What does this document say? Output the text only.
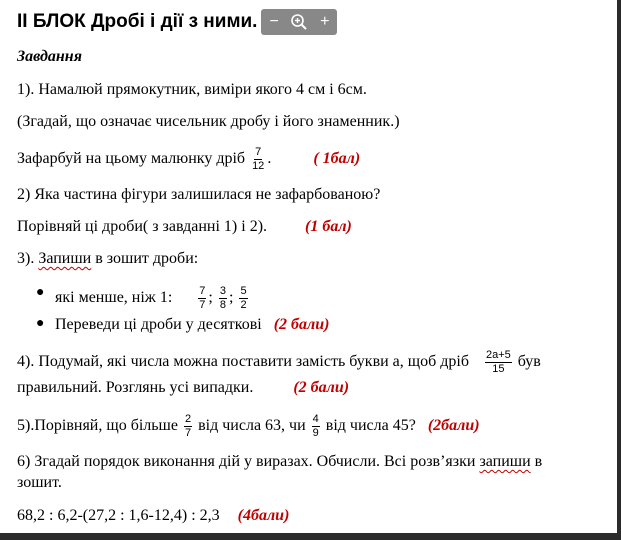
ІІ БЛОК Дробі і дії з ними. −	+
Завдання
1). Намалюй прямокутник, виміри якого 4 см і 6см.
(Згадай, що означає чисельник дробу і його знаменник.)
Зафарбуй на цьому малюнку дріб $\frac{7}{12}$ .	( 1бал)
2) Яка частина фігури залишилася не зафарбованою?
Порівняй ці дроби( з завданні 1) і 2). (1 бал)
3). Запиши в зошит дроби:
● які менше, ніж 1: $\frac{7}{7}$ ; $\frac{3}{8}$ ; $\frac{5}{2}$
● Переведи ці дроби у десяткові (2 бали)
4). Подумай, які числа можна поставити замість букви а, щоб дріб $\frac{2a+5}{15}$ був
правильний. Розглянь усі випадки.	(2 бали)
5).Порівняй, що більше $\frac{2}{7}$ від числа 63, чи $\frac{4}{9}$ від числа 45? (2бали)
6) Згадай порядок виконання дій у виразах. Обчисли. Всі розв’язки запиши в
зошит.
68,2 : 6,2-(27,2 : 1,6-12,4) : 2,3 (4бали)
